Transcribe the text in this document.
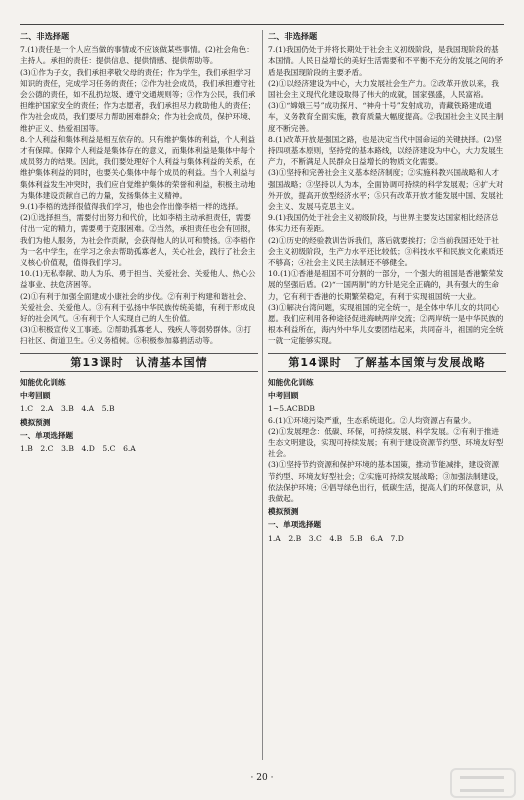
二、非选择题

7.(1)责任是一个人应当做的事情或不应该做某些事情。(2)社会角色：主持人。承担的责任：提供信息、提供情感、提供帮助等。

(3)①作为子女，我们承担孝敬父母的责任；作为学生，我们承担学习知识的责任，完成学习任务的责任；②作为社会成员，我们承担遵守社会公德的责任，如不乱扔垃圾、遵守交通规则等；③作为公民，我们承担维护国家安全的责任；作为志愿者，我们承担尽力救助他人的责任；作为社会成员，我们要尽力帮助困难群众；作为社会成员，保护环境、维护正义、热爱祖国等。

8.个人利益和集体利益是相互依存的。只有维护集体的利益，个人利益才有保障。保障个人利益是集体存在的意义，而集体利益是集体中每个成员努力的结果。因此，我们要处理好个人利益与集体利益的关系，在维护集体利益的同时，也要关心集体中每个成员的利益。当个人利益与集体利益发生冲突时，我们应自觉维护集体的荣誉和利益，积极主动地为集体建设贡献自己的力量，发扬集体主义精神。

9.(1)李梧的选择很值得我们学习，他也会作出像李梧一样的选择。

(2)①选择担当，需要付出努力和代价，比如李梧主动承担责任，需要付出一定的精力，需要勇于克服困难。②当然，承担责任也会有回报，我们为他人服务，为社会作贡献，会获得他人的认可和赞扬。③李梧作为一名中学生，在学习之余去帮助孤寡老人，关心社会，践行了社会主义核心价值观，值得我们学习。

10.(1)无私奉献、助人为乐、勇于担当、关爱社会、关爱他人、热心公益事业、扶危济困等。

(2)①有利于加强全面建成小康社会的步伐。②有利于构建和谐社会、关爱社会、关爱他人。③有利于弘扬中华民族传统美德，有利于形成良好的社会风气。④有利于个人实现自己的人生价值。

(3)①积极宣传义工事迹。②帮助孤寡老人、残疾人等弱势群体。③打扫社区、街道卫生。④义务植树。⑤积极参加募捐活动等。

第13课时　认清基本国情
知能优化训练
中考回顾

1.C　2.A　3.B　4.A　5.B

模拟预测
一、单项选择题

1.B　2.C　3.B　4.D　5.C　6.A

二、非选择题

7.(1)我国仍处于并将长期处于社会主义初级阶段，是我国现阶段的基本国情。人民日益增长的美好生活需要和不平衡不充分的发展之间的矛盾是我国现阶段的主要矛盾。

(2)①以经济建设为中心，大力发展社会生产力。②改革开放以来，我国社会主义现代化建设取得了伟大的成就，国家强盛，人民富裕。

(3)①“嫦娥三号”成功探月、“神舟十号”发射成功，青藏铁路建成通车，义务教育全面实施，教育质量大幅度提高。②我国社会主义民主制度不断完善。

8.(1)改革开放是强国之路，也是决定当代中国命运的关键抉择。(2)坚持四项基本原则，坚持党的基本路线，以经济建设为中心，大力发展生产力，不断满足人民群众日益增长的物质文化需要。

(3)①坚持和完善社会主义基本经济制度；②实施科教兴国战略和人才强国战略；③坚持以人为本，全面协调可持续的科学发展观；④扩大对外开放，提高开放型经济水平；⑤只有改革开放才能发展中国、发展社会主义、发展马克思主义。

9.(1)我国仍处于社会主义初级阶段，与世界主要发达国家相比经济总体实力还有差距。

(2)①历史的经验教训告诉我们，落后就要挨打；②当前我国还处于社会主义初级阶段，生产力水平还比较低；③科技水平和民族文化素质还不够高；④社会主义民主法制还不够健全。

10.(1)①香港是祖国不可分割的一部分，一个强大的祖国是香港繁荣发展的坚强后盾。(2)“一国两制”的方针是完全正确的，具有强大的生命力，它有利于香港的长期繁荣稳定，有利于实现祖国统一大业。

(3)①解决台湾问题，实现祖国的完全统一，是全体中华儿女的共同心愿。我们应利用各种途径促进海峡两岸交流；②两岸统一是中华民族的根本利益所在，海内外中华儿女要团结起来，共同奋斗，祖国的完全统一就一定能够实现。

第14课时　了解基本国策与发展战略
知能优化训练
中考回顾

1~5.ACBDB

6.(1)①环境污染严重，生态系统退化。②人均资源占有量少。

(2)①发展理念：低碳、环保，可持续发展、科学发展。②有利于推进生态文明建设，实现可持续发展；有利于建设资源节约型、环境友好型社会。

(3)①坚持节约资源和保护环境的基本国策，推动节能减排，建设资源节约型、环境友好型社会；②实施可持续发展战略；③加强法制建设，依法保护环境；④倡导绿色出行，低碳生活，提高人们的环保意识，从我做起。

模拟预测
一、单项选择题

1.A　2.B　3.C　4.B　5.B　6.A　7.D

· 20 ·
